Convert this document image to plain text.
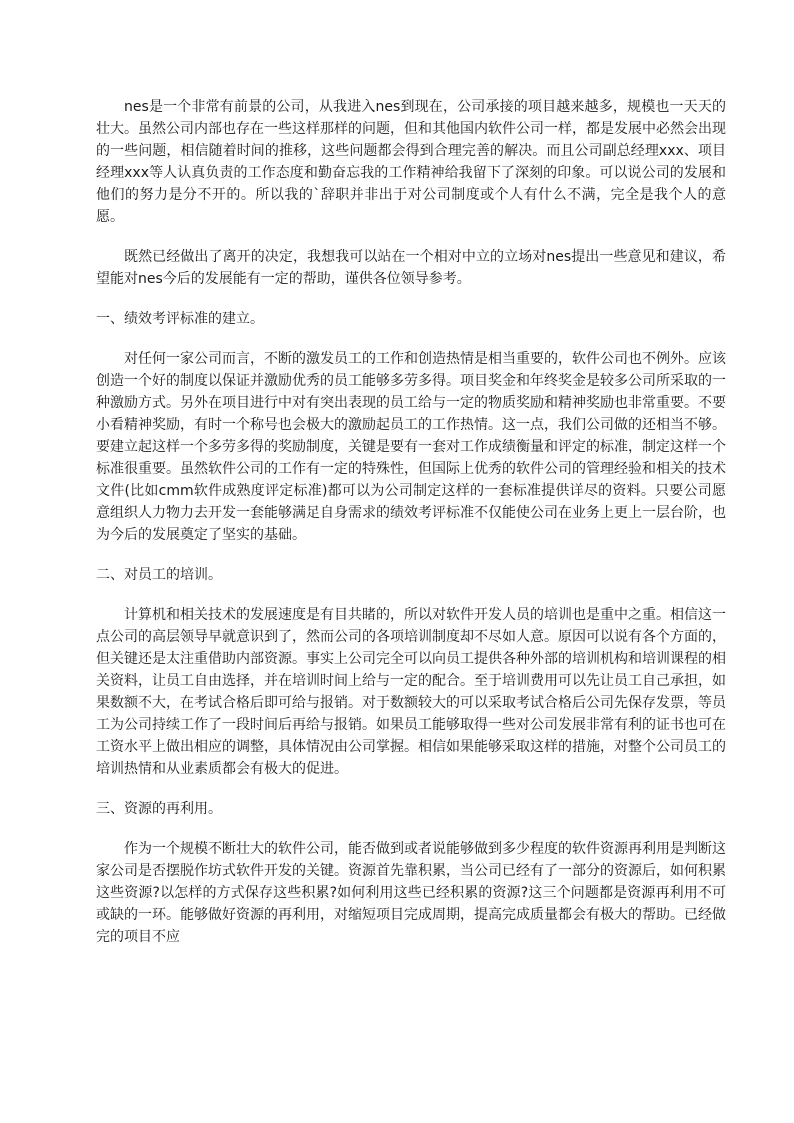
nes是一个非常有前景的公司，从我进入nes到现在，公司承接的项目越来越多，规模也一天天的壮大。虽然公司内部也存在一些这样那样的问题，但和其他国内软件公司一样，都是发展中必然会出现的一些问题，相信随着时间的推移，这些问题都会得到合理完善的解决。而且公司副总经理xxx、项目经理xxx等人认真负责的工作态度和勤奋忘我的工作精神给我留下了深刻的印象。可以说公司的发展和他们的努力是分不开的。所以我的`辞职并非出于对公司制度或个人有什么不满，完全是我个人的意愿。

既然已经做出了离开的决定，我想我可以站在一个相对中立的立场对nes提出一些意见和建议，希望能对nes今后的发展能有一定的帮助，谨供各位领导参考。

一、绩效考评标准的建立。

对任何一家公司而言，不断的激发员工的工作和创造热情是相当重要的，软件公司也不例外。应该创造一个好的制度以保证并激励优秀的员工能够多劳多得。项目奖金和年终奖金是较多公司所采取的一种激励方式。另外在项目进行中对有突出表现的员工给与一定的物质奖励和精神奖励也非常重要。不要小看精神奖励，有时一个称号也会极大的激励起员工的工作热情。这一点，我们公司做的还相当不够。要建立起这样一个多劳多得的奖励制度，关键是要有一套对工作成绩衡量和评定的标准，制定这样一个标准很重要。虽然软件公司的工作有一定的特殊性，但国际上优秀的软件公司的管理经验和相关的技术文件(比如cmm软件成熟度评定标准)都可以为公司制定这样的一套标准提供详尽的资料。只要公司愿意组织人力物力去开发一套能够满足自身需求的绩效考评标准不仅能使公司在业务上更上一层台阶，也为今后的发展奠定了坚实的基础。

二、对员工的培训。

计算机和相关技术的发展速度是有目共睹的，所以对软件开发人员的培训也是重中之重。相信这一点公司的高层领导早就意识到了，然而公司的各项培训制度却不尽如人意。原因可以说有各个方面的，但关键还是太注重借助内部资源。事实上公司完全可以向员工提供各种外部的培训机构和培训课程的相关资料，让员工自由选择，并在培训时间上给与一定的配合。至于培训费用可以先让员工自己承担，如果数额不大，在考试合格后即可给与报销。对于数额较大的可以采取考试合格后公司先保存发票，等员工为公司持续工作了一段时间后再给与报销。如果员工能够取得一些对公司发展非常有利的证书也可在工资水平上做出相应的调整，具体情况由公司掌握。相信如果能够采取这样的措施，对整个公司员工的培训热情和从业素质都会有极大的促进。

三、资源的再利用。

作为一个规模不断壮大的软件公司，能否做到或者说能够做到多少程度的软件资源再利用是判断这家公司是否摆脱作坊式软件开发的关键。资源首先靠积累，当公司已经有了一部分的资源后，如何积累这些资源?以怎样的方式保存这些积累?如何利用这些已经积累的资源?这三个问题都是资源再利用不可或缺的一环。能够做好资源的再利用，对缩短项目完成周期，提高完成质量都会有极大的帮助。已经做完的项目不应
